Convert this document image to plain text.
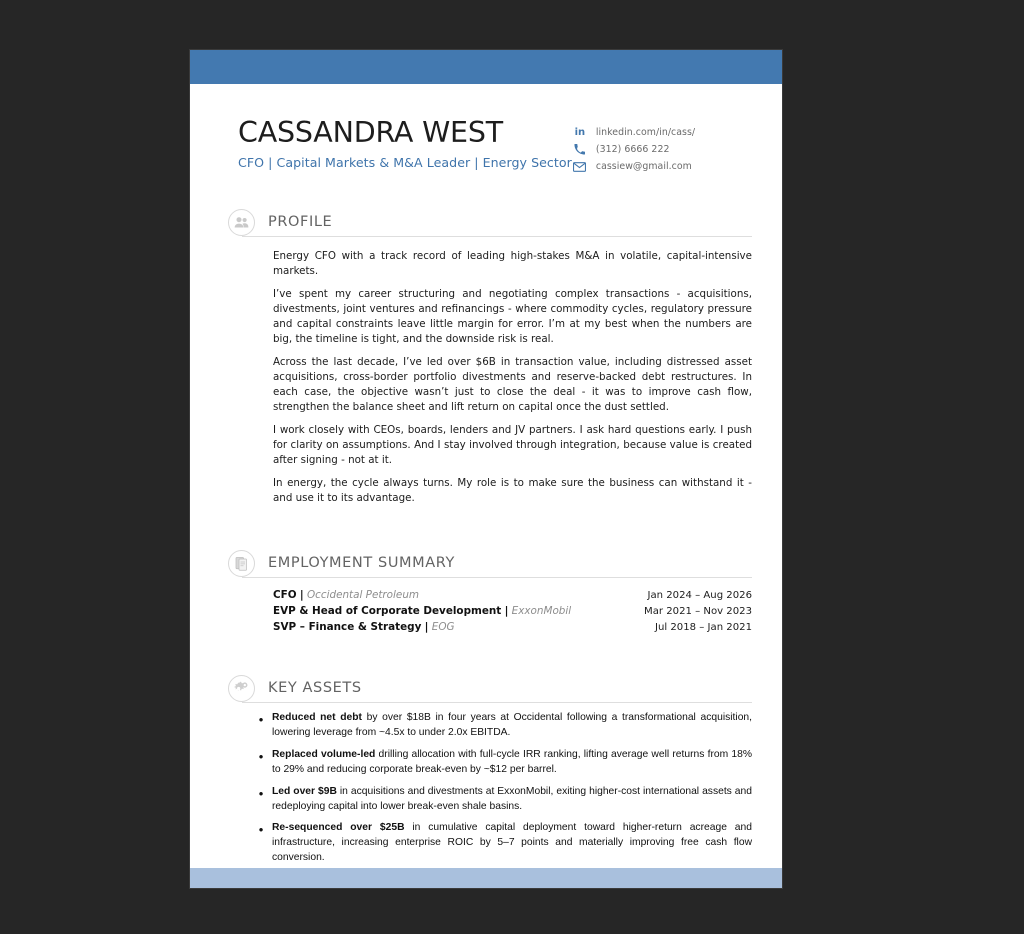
CASSANDRA WEST
CFO | Capital Markets & M&A Leader | Energy Sector
in linkedin.com/in/cass/
(312) 6666 222
cassiew@gmail.com
PROFILE

Energy CFO with a track record of leading high-stakes M&A in volatile, capital-intensive markets.

I’ve spent my career structuring and negotiating complex transactions - acquisitions, divestments, joint ventures and refinancings - where commodity cycles, regulatory pressure and capital constraints leave little margin for error. I’m at my best when the numbers are big, the timeline is tight, and the downside risk is real.

Across the last decade, I’ve led over $6B in transaction value, including distressed asset acquisitions, cross-border portfolio divestments and reserve-backed debt restructures. In each case, the objective wasn’t just to close the deal - it was to improve cash flow, strengthen the balance sheet and lift return on capital once the dust settled.

I work closely with CEOs, boards, lenders and JV partners. I ask hard questions early. I push for clarity on assumptions. And I stay involved through integration, because value is created after signing - not at it.

In energy, the cycle always turns. My role is to make sure the business can withstand it - and use it to its advantage.

EMPLOYMENT SUMMARY
CFO | Occidental Petroleum	Jan 2024 – Aug 2026
EVP & Head of Corporate Development | ExxonMobil	Mar 2021 – Nov 2023
SVP – Finance & Strategy | EOG	Jul 2018 – Jan 2021
KEY ASSETS
• Reduced net debt by over $18B in four years at Occidental following a transformational acquisition, lowering leverage from ~4.5x to under 2.0x EBITDA.
• Replaced volume-led drilling allocation with full-cycle IRR ranking, lifting average well returns from 18% to 29% and reducing corporate break-even by ~$12 per barrel.
• Led over $9B in acquisitions and divestments at ExxonMobil, exiting higher-cost international assets and redeploying capital into lower break-even shale basins.
• Re-sequenced over $25B in cumulative capital deployment toward higher-return acreage and infrastructure, increasing enterprise ROIC by 5–7 points and materially improving free cash flow conversion.
